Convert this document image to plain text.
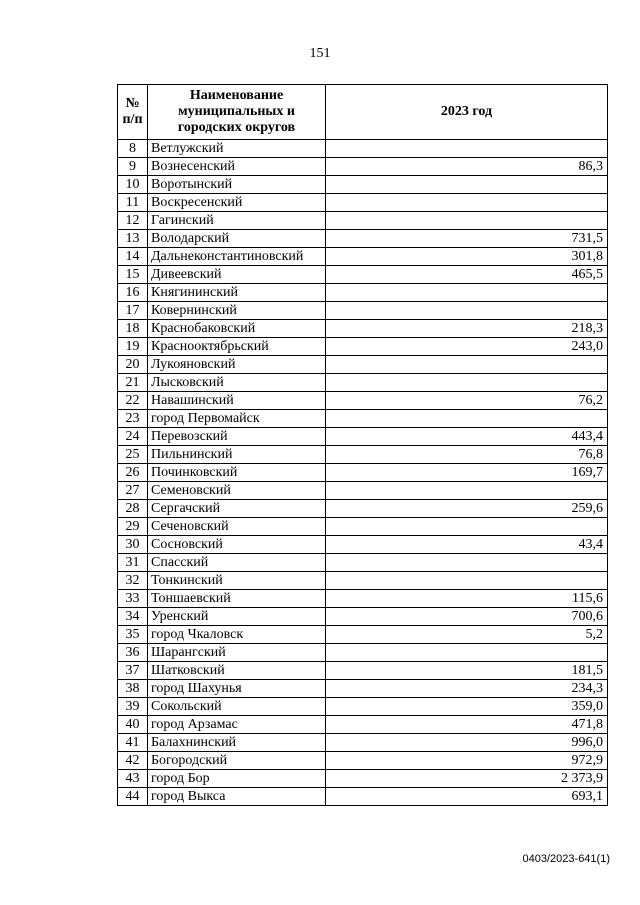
151
№ п/п	Наименование муниципальных и городских округов	2023 год
8	Ветлужский	
9	Вознесенский	86,3
10	Воротынский	
11	Воскресенский	
12	Гагинский	
13	Володарский	731,5
14	Дальнеконстантиновский	301,8
15	Дивеевский	465,5
16	Княгининский	
17	Ковернинский	
18	Краснобаковский	218,3
19	Краснооктябрьский	243,0
20	Лукояновский	
21	Лысковский	
22	Навашинский	76,2
23	город Первомайск	
24	Перевозский	443,4
25	Пильнинский	76,8
26	Починковский	169,7
27	Семеновский	
28	Сергачский	259,6
29	Сеченовский	
30	Сосновский	43,4
31	Спасский	
32	Тонкинский	
33	Тоншаевский	115,6
34	Уренский	700,6
35	город Чкаловск	5,2
36	Шарангский	
37	Шатковский	181,5
38	город Шахунья	234,3
39	Сокольский	359,0
40	город Арзамас	471,8
41	Балахнинский	996,0
42	Богородский	972,9
43	город Бор	2 373,9
44	город Выкса	693,1
0403/2023-641(1)
